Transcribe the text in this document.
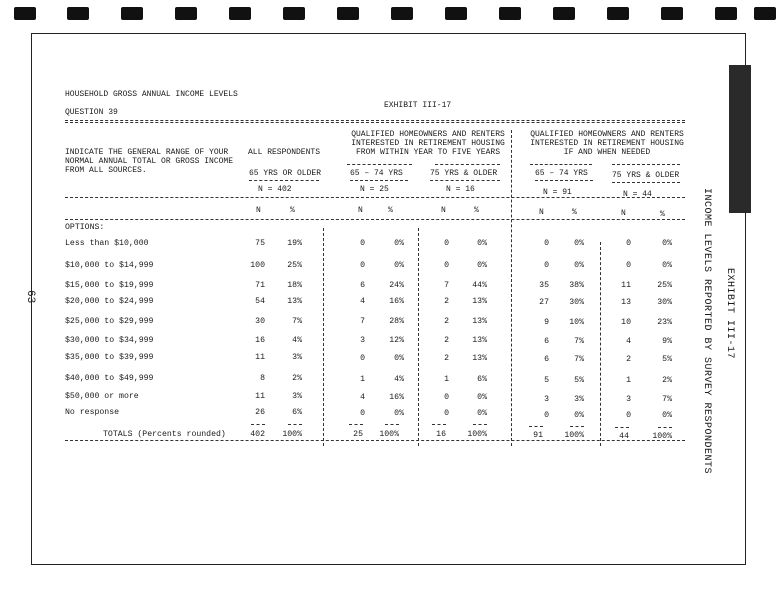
63	EXHIBIT III-17
INCOME LEVELS REPORTED BY SURVEY RESPONDENTS
HOUSEHOLD GROSS ANNUAL INCOME LEVELS
QUESTION 39
EXHIBIT III-17
INDICATE THE GENERAL RANGE OF YOUR NORMAL ANNUAL TOTAL OR GROSS INCOME FROM ALL SOURCES.
ALL RESPONDENTS
QUALIFIED HOMEOWNERS AND RENTERS INTERESTED IN RETIREMENT HOUSING FROM WITHIN YEAR TO FIVE YEARS
QUALIFIED HOMEOWNERS AND RENTERS INTERESTED IN RETIREMENT HOUSING IF AND WHEN NEEDED
65 YRS OR OLDER	65 – 74 YRS	75 YRS & OLDER	65 – 74 YRS	75 YRS & OLDER
N = 402	N = 25	N = 16	N = 91	N = 44
N	%	N	%	N	%	N	%	N	%
OPTIONS:
Less than $10,000	75	19%	0	0%	0	0%	0	0%	0	0%
$10,000 to $14,999	100	25%	0	0%	0	0%	0	0%	0	0%
$15,000 to $19,999	71	18%	6	24%	7	44%	35	38%	11	25%
$20,000 to $24,999	54	13%	4	16%	2	13%	27	30%	13	30%
$25,000 to $29,999	30	7%	7	28%	2	13%	9	10%	10	23%
$30,000 to $34,999	16	4%	3	12%	2	13%	6	7%	4	9%
$35,000 to $39,999	11	3%	0	0%	2	13%	6	7%	2	5%
$40,000 to $49,999	8	2%	1	4%	1	6%	5	5%	1	2%
$50,000 or more	11	3%	4	16%	0	0%	3	3%	3	7%
No response	26	6%	0	0%	0	0%	0	0%	0	0%
TOTALS (Percents rounded)	402	100%	25	100%	16	100%	91	100%	44	100%
